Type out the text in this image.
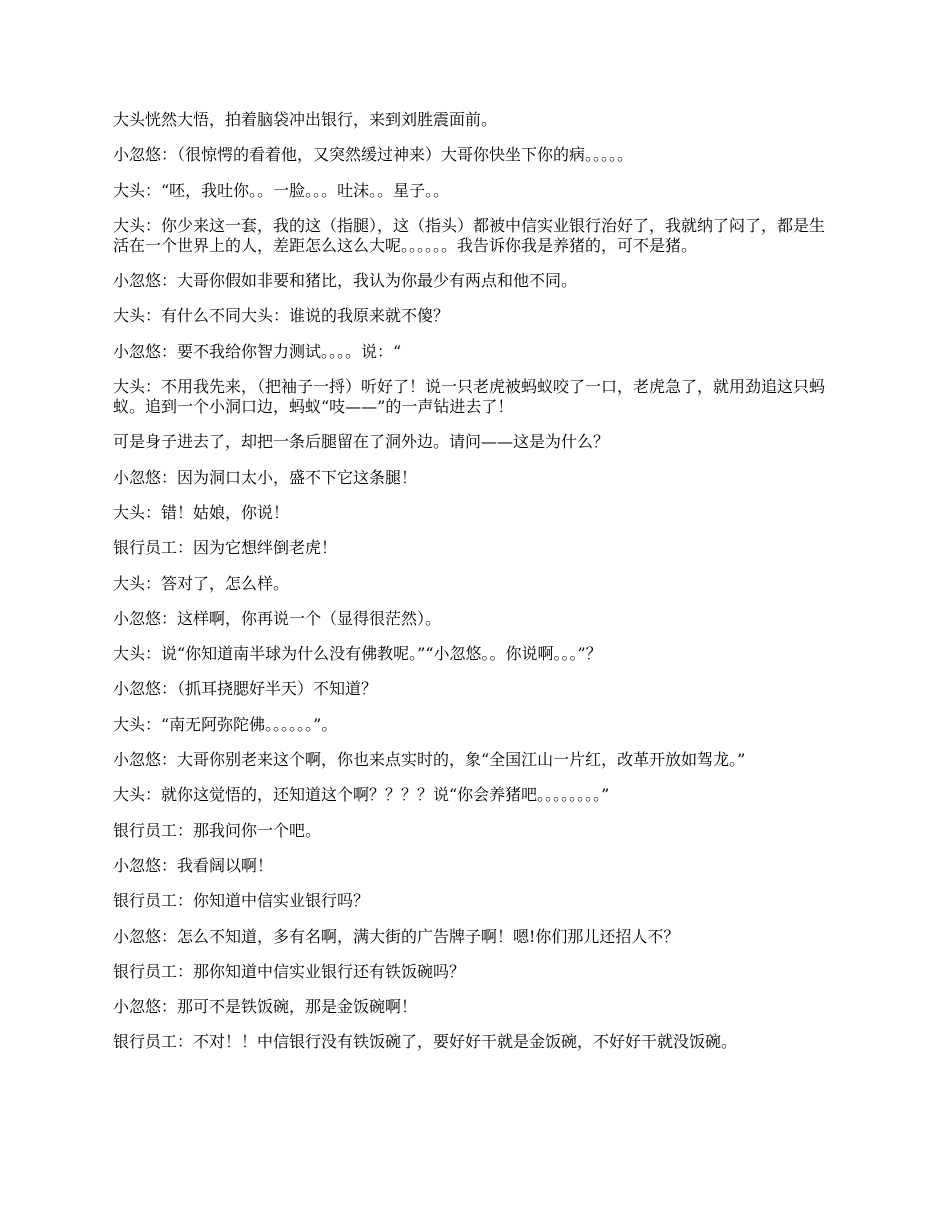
大头恍然大悟，拍着脑袋冲出银行，来到刘胜震面前。

小忽悠：（很惊愕的看着他，又突然缓过神来）大哥你快坐下你的病。。。。。

大头：“呸，我吐你。。一脸。。。吐沫。。星子。。

大头：你少来这一套，我的这（指腿），这（指头）都被中信实业银行治好了，我就纳了闷了，都是生活在一个世界上的人，差距怎么这么大呢。。。。。。我告诉你我是养猪的，可不是猪。

小忽悠：大哥你假如非要和猪比，我认为你最少有两点和他不同。

大头：有什么不同大头：谁说的我原来就不傻？

小忽悠：要不我给你智力测试。。。。说：“

大头：不用我先来，（把袖子一捋）听好了！说一只老虎被蚂蚁咬了一口，老虎急了，就用劲追这只蚂蚁。追到一个小洞口边，蚂蚁“吱——”的一声钻进去了！

可是身子进去了，却把一条后腿留在了洞外边。请问——这是为什么？

小忽悠：因为洞口太小，盛不下它这条腿！

大头：错！姑娘，你说！

银行员工：因为它想绊倒老虎！

大头：答对了，怎么样。

小忽悠：这样啊，你再说一个（显得很茫然）。

大头：说“你知道南半球为什么没有佛教呢。”“小忽悠。。你说啊。。。”？

小忽悠：（抓耳挠腮好半天）不知道？

大头：“南无阿弥陀佛。。。。。。”。

小忽悠：大哥你别老来这个啊，你也来点实时的，象“全国江山一片红，改革开放如驾龙。”

大头：就你这觉悟的，还知道这个啊？？？？说“你会养猪吧。。。。。。。。”

银行员工：那我问你一个吧。

小忽悠：我看阔以啊！

银行员工：你知道中信实业银行吗？

小忽悠：怎么不知道，多有名啊，满大街的广告牌子啊！嗯!你们那儿还招人不？

银行员工：那你知道中信实业银行还有铁饭碗吗？

小忽悠：那可不是铁饭碗，那是金饭碗啊！

银行员工：不对！！中信银行没有铁饭碗了，要好好干就是金饭碗，不好好干就没饭碗。
